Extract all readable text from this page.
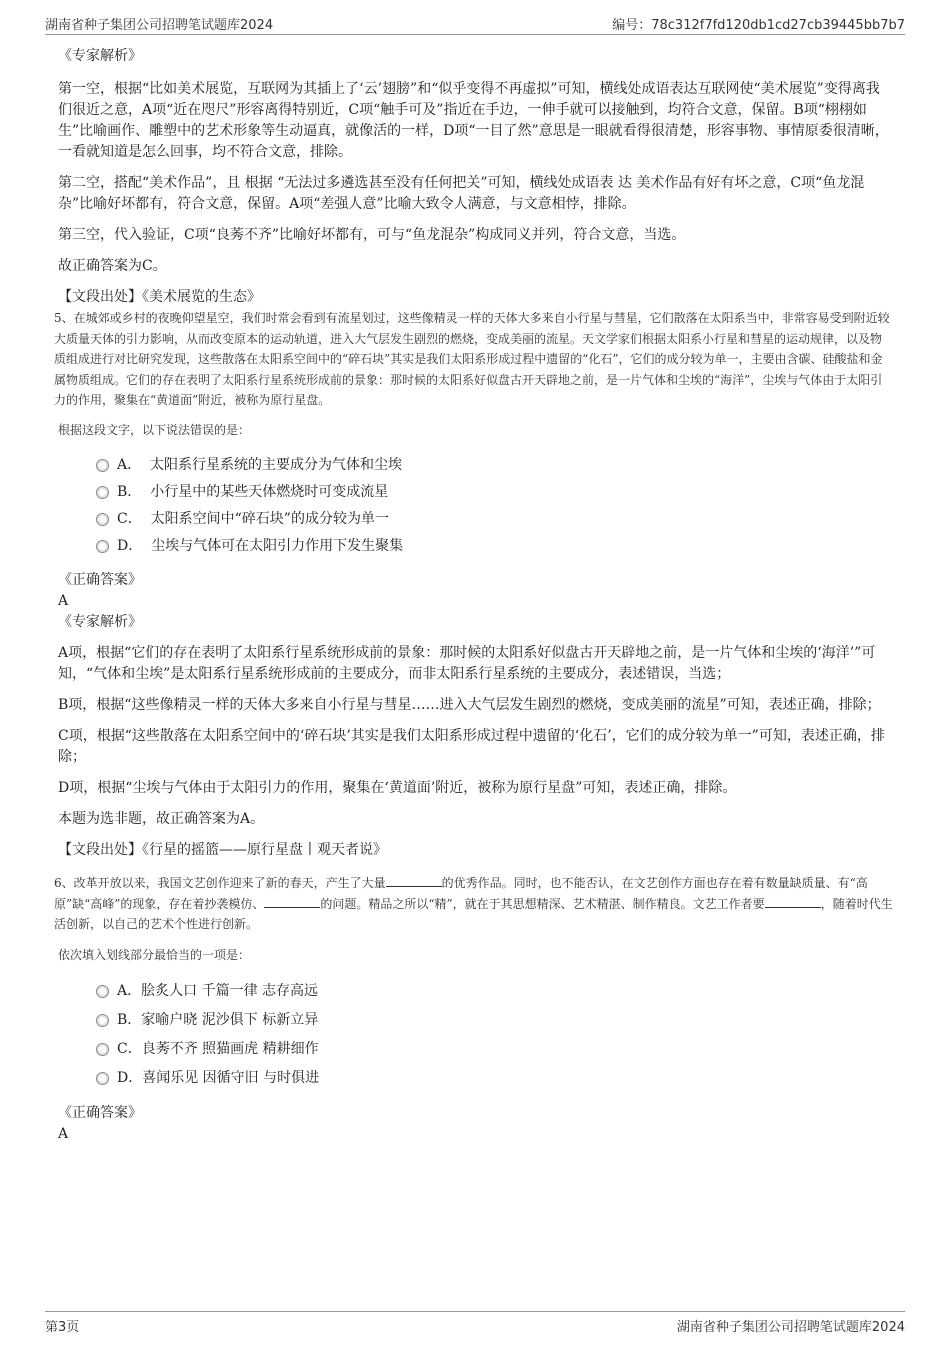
湖南省种子集团公司招聘笔试题库2024	编号：78c312f7fd120db1cd27cb39445bb7b7

《专家解析》

第一空，根据“比如美术展览，互联网为其插上了‘云’翅膀”和“似乎变得不再虚拟”可知，横线处成语表达互联网使“美术展览”变得离我们很近之意，A项“近在咫尺”形容离得特别近，C项“触手可及”指近在手边，一伸手就可以接触到，均符合文意，保留。B项“栩栩如生”比喻画作、雕塑中的艺术形象等生动逼真，就像活的一样，D项“一目了然”意思是一眼就看得很清楚，形容事物、事情原委很清晰，一看就知道是怎么回事，均不符合文意，排除。

第二空，搭配“美术作品”，且 根据 “无法过多遴选甚至没有任何把关”可知，横线处成语表 达 美术作品有好有坏之意，C项“鱼龙混杂”比喻好坏都有，符合文意，保留。A项“差强人意”比喻大致令人满意，与文意相悖，排除。

第三空，代入验证，C项“良莠不齐”比喻好坏都有，可与“鱼龙混杂”构成同义并列，符合文意，当选。

故正确答案为C。

【文段出处】《美术展览的生态》

5、在城郊或乡村的夜晚仰望星空，我们时常会看到有流星划过，这些像精灵一样的天体大多来自小行星与彗星，它们散落在太阳系当中，非常容易受到附近较大质量天体的引力影响，从而改变原本的运动轨道，进入大气层发生剧烈的燃烧，变成美丽的流星。天文学家们根据太阳系小行星和彗星的运动规律，以及物质组成进行对比研究发现，这些散落在太阳系空间中的“碎石块”其实是我们太阳系形成过程中遗留的“化石”，它们的成分较为单一，主要由含碳、硅酸盐和金属物质组成。它们的存在表明了太阳系行星系统形成前的景象：那时候的太阳系好似盘古开天辟地之前，是一片气体和尘埃的“海洋”，尘埃与气体由于太阳引力的作用，聚集在“黄道面”附近，被称为原行星盘。

根据这段文字，以下说法错误的是：

A． 太阳系行星系统的主要成分为气体和尘埃
B． 小行星中的某些天体燃烧时可变成流星
C． 太阳系空间中“碎石块”的成分较为单一
D． 尘埃与气体可在太阳引力作用下发生聚集

《正确答案》

A

《专家解析》

A项，根据“它们的存在表明了太阳系行星系统形成前的景象：那时候的太阳系好似盘古开天辟地之前，是一片气体和尘埃的‘海洋’”可知，“气体和尘埃”是太阳系行星系统形成前的主要成分，而非太阳系行星系统的主要成分，表述错误，当选；

B项，根据“这些像精灵一样的天体大多来自小行星与彗星……进入大气层发生剧烈的燃烧，变成美丽的流星”可知，表述正确，排除；

C项，根据“这些散落在太阳系空间中的‘碎石块’其实是我们太阳系形成过程中遗留的‘化石’，它们的成分较为单一”可知，表述正确，排除；

D项，根据“尘埃与气体由于太阳引力的作用，聚集在‘黄道面’附近，被称为原行星盘”可知，表述正确，排除。

本题为选非题，故正确答案为A。

【文段出处】《行星的摇篮——原行星盘丨观天者说》

6、改革开放以来，我国文艺创作迎来了新的春天，产生了大量	的优秀作品。同时，也不能否认，在文艺创作方面也存在着有数量缺质量、有“高原”缺“高峰”的现象，存在着抄袭模仿、	的问题。精品之所以“精”，就在于其思想精深、艺术精湛、制作精良。文艺工作者要	，随着时代生活创新，以自己的艺术个性进行创新。

依次填入划线部分最恰当的一项是：

A．脍炙人口 千篇一律 志存高远
B．家喻户晓 泥沙俱下 标新立异
C．良莠不齐 照猫画虎 精耕细作
D．喜闻乐见 因循守旧 与时俱进

《正确答案》

A

第3页	湖南省种子集团公司招聘笔试题库2024
